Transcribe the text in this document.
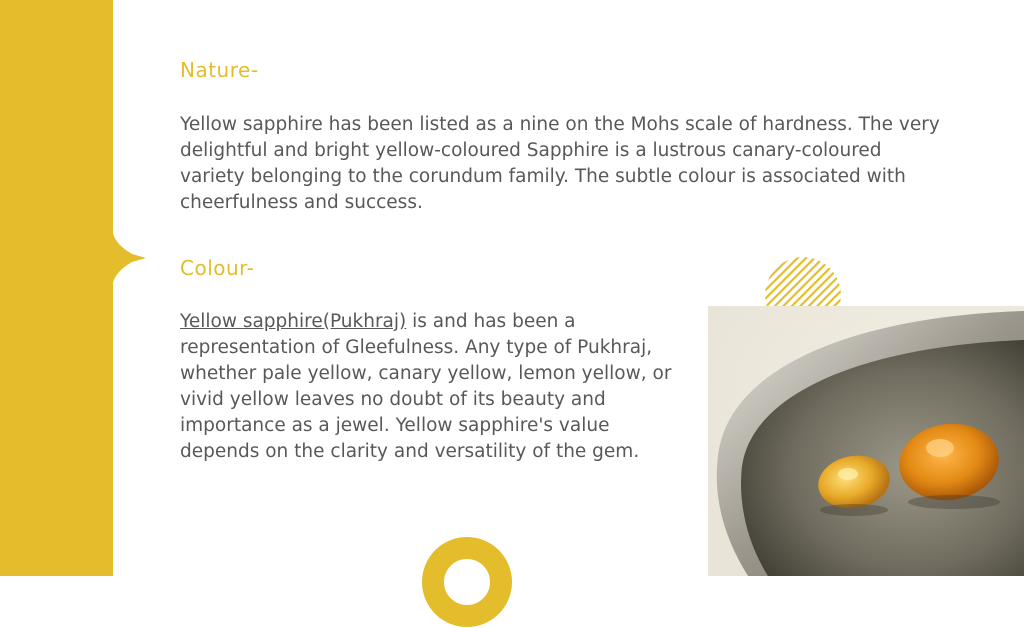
Nature-
Yellow sapphire has been listed as a nine on the Mohs scale of hardness. The very delightful and bright yellow-coloured Sapphire is a lustrous canary-coloured variety belonging to the corundum family. The subtle colour is associated with cheerfulness and success.
Colour-
Yellow sapphire(Pukhraj) is and has been a representation of Gleefulness. Any type of Pukhraj, whether pale yellow, canary yellow, lemon yellow, or vivid yellow leaves no doubt of its beauty and importance as a jewel. Yellow sapphire's value depends on the clarity and versatility of the gem.
